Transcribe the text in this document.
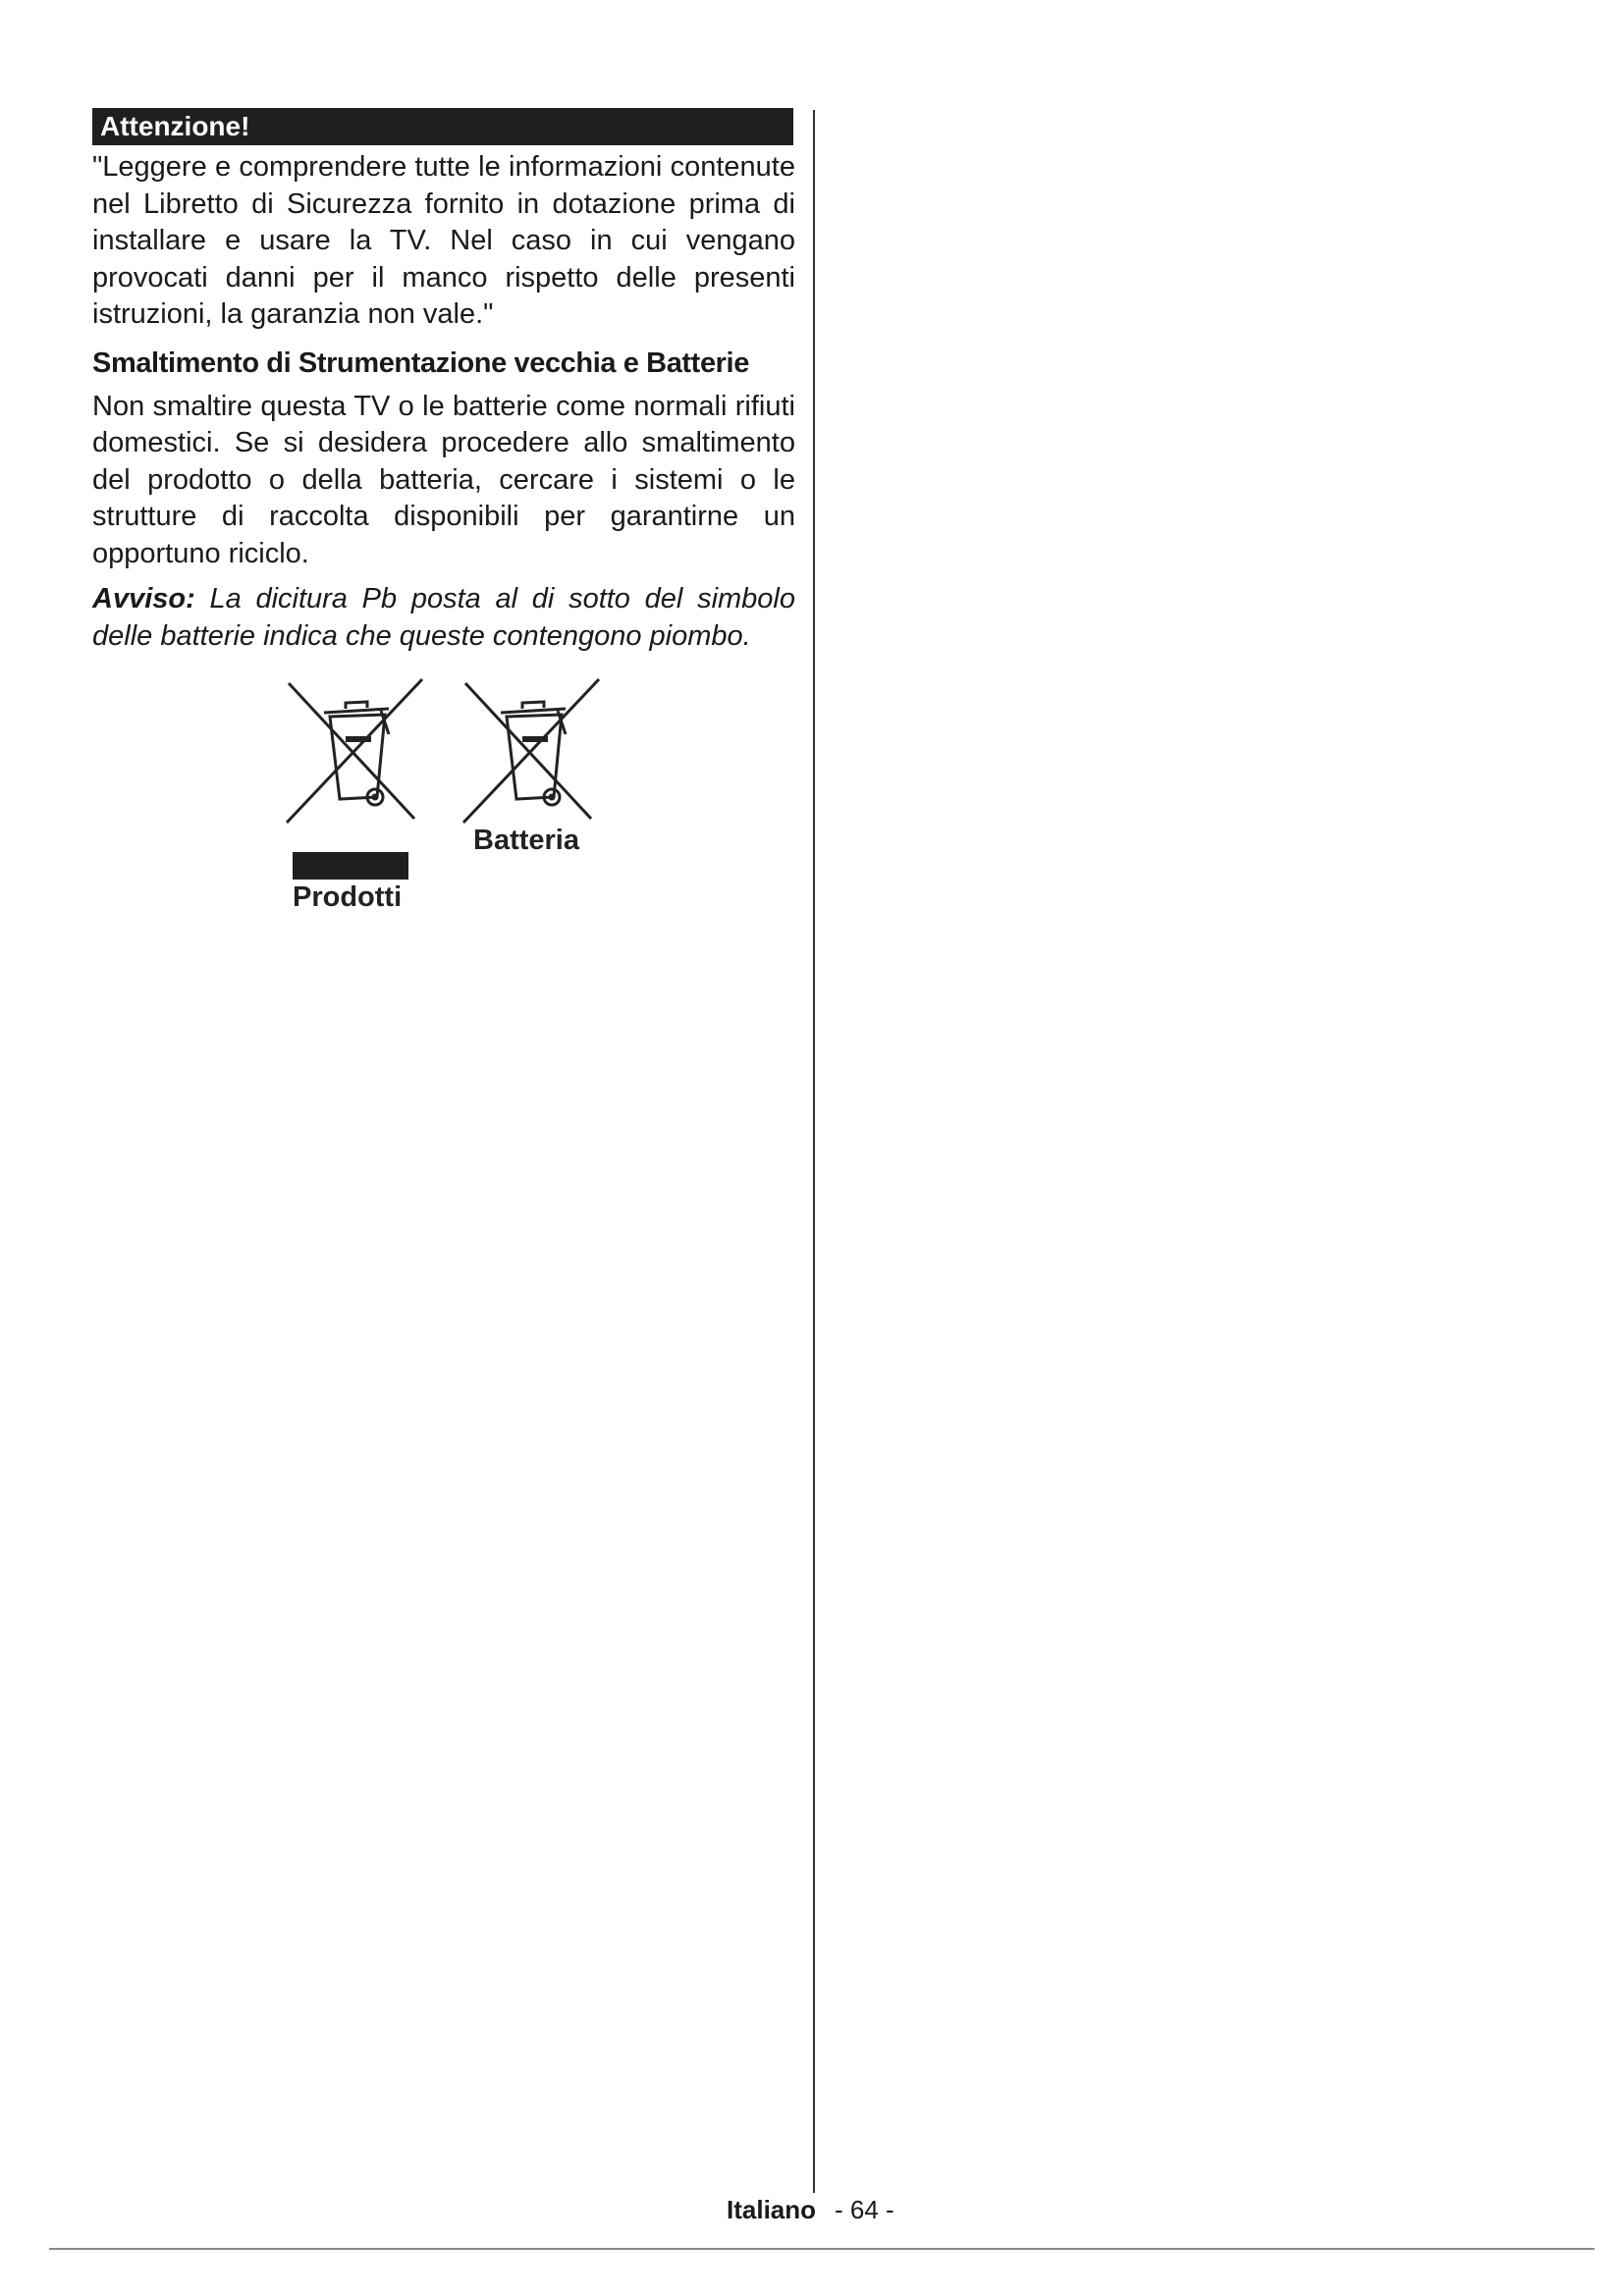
Attenzione!

"Leggere e comprendere tutte le informazioni contenute nel Libretto di Sicurezza fornito in dotazione prima di installare e usare la TV. Nel caso in cui vengano provocati danni per il manco rispetto delle presenti istruzioni, la garanzia non vale."

Smaltimento di Strumentazione vecchia e Batterie

Non smaltire questa TV o le batterie come normali rifiuti domestici. Se si desidera procedere allo smaltimento del prodotto o della batteria, cercare i sistemi o le strutture di raccolta disponibili per garantirne un opportuno riciclo.

Avviso: La dicitura Pb posta al di sotto del simbolo delle batterie indica che queste contengono piombo.
Prodotti
Batteria
Italiano - 64 -
